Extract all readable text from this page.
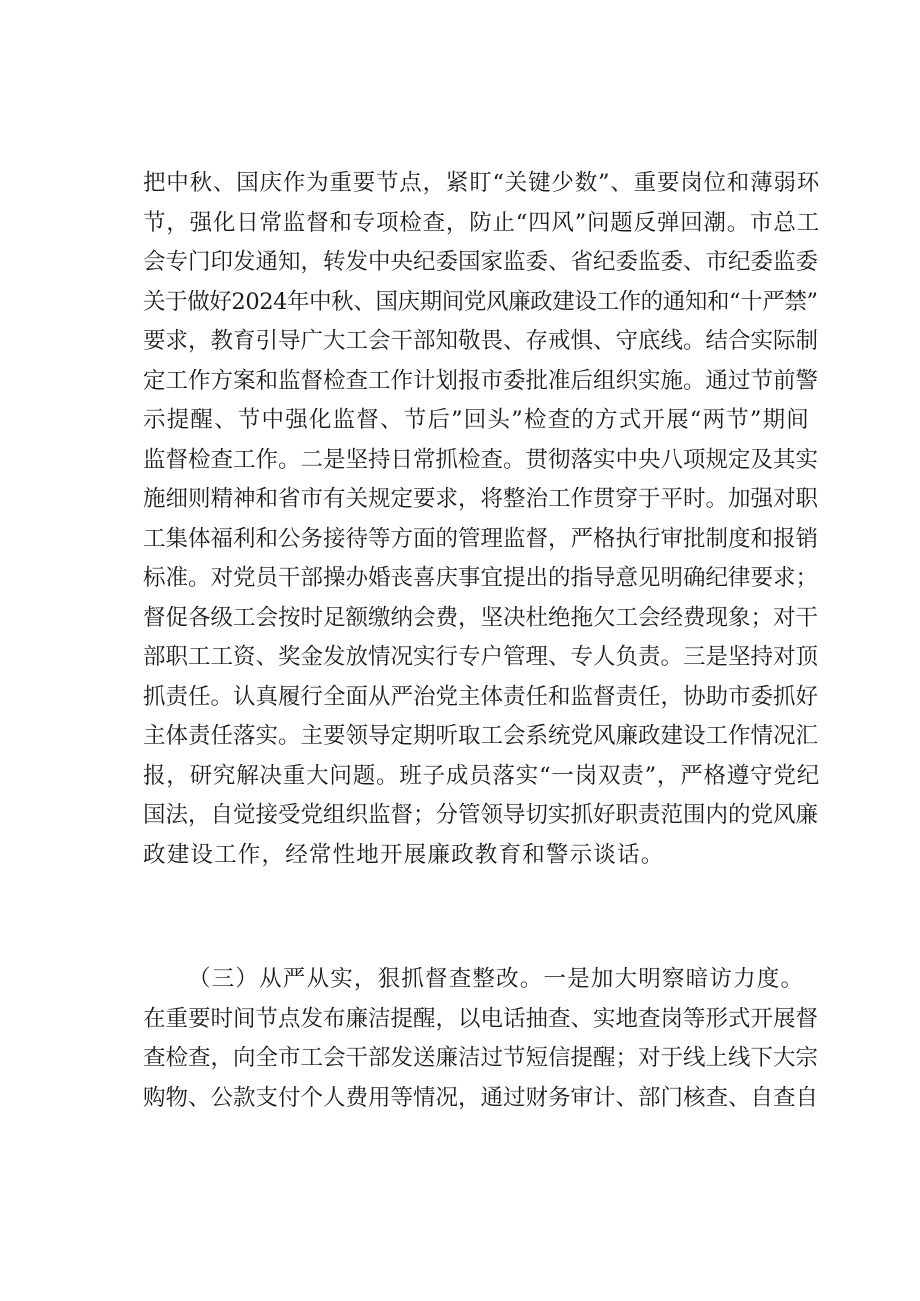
把中秋、国庆作为重要节点，紧盯“关键少数”、重要岗位和薄弱环
节，强化日常监督和专项检查，防止“四风”问题反弹回潮。市总工
会专门印发通知，转发中央纪委国家监委、省纪委监委、市纪委监委
关于做好2024年中秋、国庆期间党风廉政建设工作的通知和“十严禁”
要求，教育引导广大工会干部知敬畏、存戒惧、守底线。结合实际制
定工作方案和监督检查工作计划报市委批准后组织实施。通过节前警
示提醒、节中强化监督、节后”回头”检查的方式开展“两节”期间
监督检查工作。二是坚持日常抓检查。贯彻落实中央八项规定及其实
施细则精神和省市有关规定要求，将整治工作贯穿于平时。加强对职
工集体福利和公务接待等方面的管理监督，严格执行审批制度和报销
标准。对党员干部操办婚丧喜庆事宜提出的指导意见明确纪律要求；
督促各级工会按时足额缴纳会费，坚决杜绝拖欠工会经费现象；对干
部职工工资、奖金发放情况实行专户管理、专人负责。三是坚持对顶
抓责任。认真履行全面从严治党主体责任和监督责任，协助市委抓好
主体责任落实。主要领导定期听取工会系统党风廉政建设工作情况汇
报，研究解决重大问题。班子成员落实“一岗双责”，严格遵守党纪
国法，自觉接受党组织监督；分管领导切实抓好职责范围内的党风廉
政建设工作，经常性地开展廉政教育和警示谈话。
（三）从严从实，狠抓督查整改。一是加大明察暗访力度。
在重要时间节点发布廉洁提醒，以电话抽查、实地查岗等形式开展督
查检查，向全市工会干部发送廉洁过节短信提醒；对于线上线下大宗
购物、公款支付个人费用等情况，通过财务审计、部门核查、自查自
